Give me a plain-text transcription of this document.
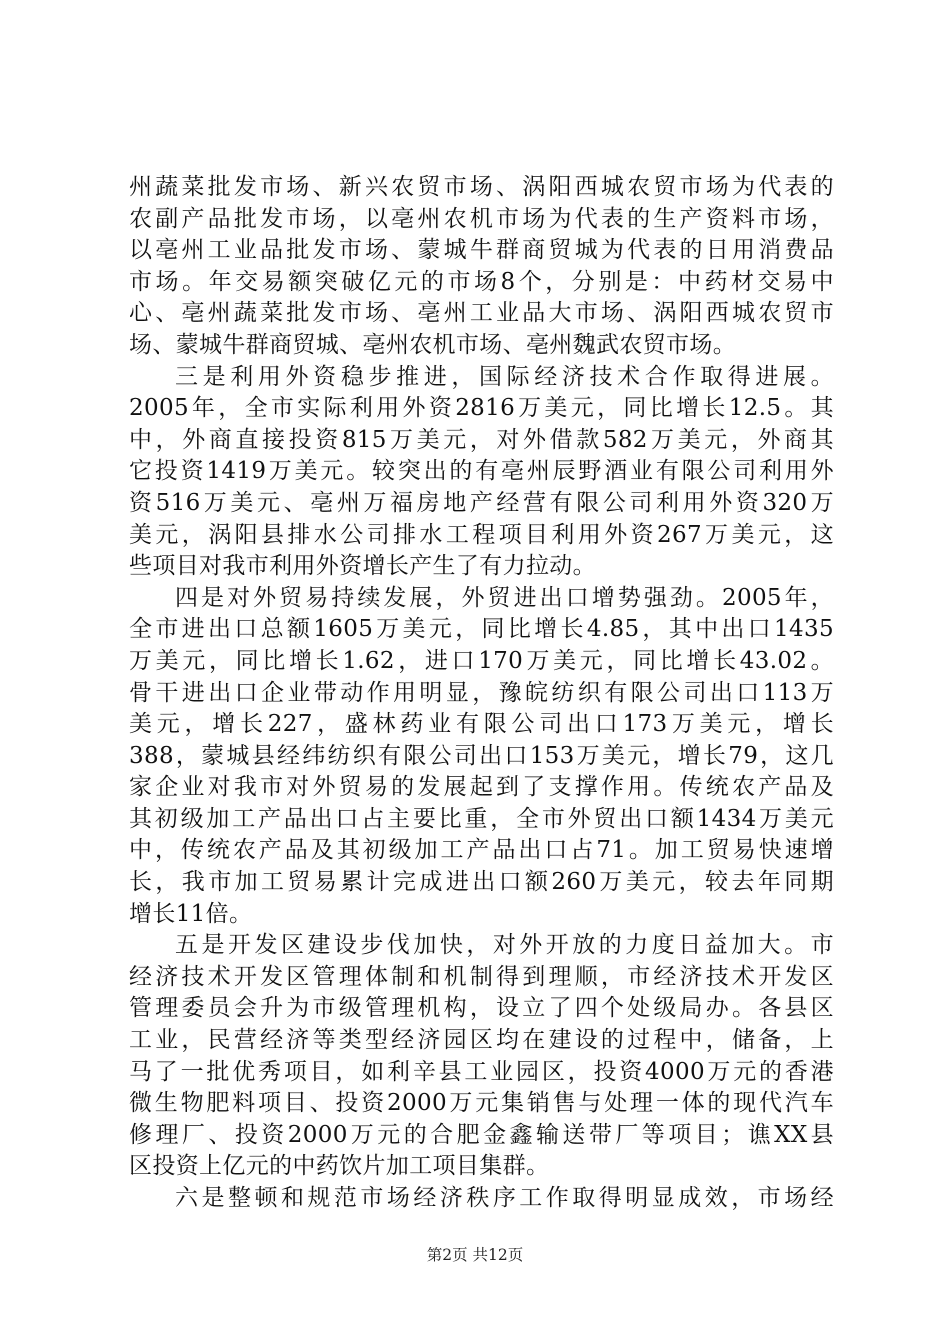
州蔬菜批发市场、新兴农贸市场、涡阳西城农贸市场为代表的
农副产品批发市场，以亳州农机市场为代表的生产资料市场，
以亳州工业品批发市场、蒙城牛群商贸城为代表的日用消费品
市场。年交易额突破亿元的市场8个，分别是：中药材交易中
心、亳州蔬菜批发市场、亳州工业品大市场、涡阳西城农贸市
场、蒙城牛群商贸城、亳州农机市场、亳州魏武农贸市场。
三是利用外资稳步推进，国际经济技术合作取得进展。
2005年，全市实际利用外资2816万美元，同比增长12.5。其
中，外商直接投资815万美元，对外借款582万美元，外商其
它投资1419万美元。较突出的有亳州辰野酒业有限公司利用外
资516万美元、亳州万福房地产经营有限公司利用外资320万
美元，涡阳县排水公司排水工程项目利用外资267万美元，这
些项目对我市利用外资增长产生了有力拉动。
四是对外贸易持续发展，外贸进出口增势强劲。2005年，
全市进出口总额1605万美元，同比增长4.85，其中出口1435
万美元，同比增长1.62，进口170万美元，同比增长43.02。
骨干进出口企业带动作用明显，豫皖纺织有限公司出口113万
美元，增长227，盛林药业有限公司出口173万美元，增长
388，蒙城县经纬纺织有限公司出口153万美元，增长79，这几
家企业对我市对外贸易的发展起到了支撑作用。传统农产品及
其初级加工产品出口占主要比重，全市外贸出口额1434万美元
中，传统农产品及其初级加工产品出口占71。加工贸易快速增
长，我市加工贸易累计完成进出口额260万美元，较去年同期
增长11倍。
五是开发区建设步伐加快，对外开放的力度日益加大。市
经济技术开发区管理体制和机制得到理顺，市经济技术开发区
管理委员会升为市级管理机构，设立了四个处级局办。各县区
工业，民营经济等类型经济园区均在建设的过程中，储备，上
马了一批优秀项目，如利辛县工业园区，投资4000万元的香港
微生物肥料项目、投资2000万元集销售与处理一体的现代汽车
修理厂、投资2000万元的合肥金鑫输送带厂等项目；谯XX县
区投资上亿元的中药饮片加工项目集群。
六是整顿和规范市场经济秩序工作取得明显成效，市场经
第2页 共12页
